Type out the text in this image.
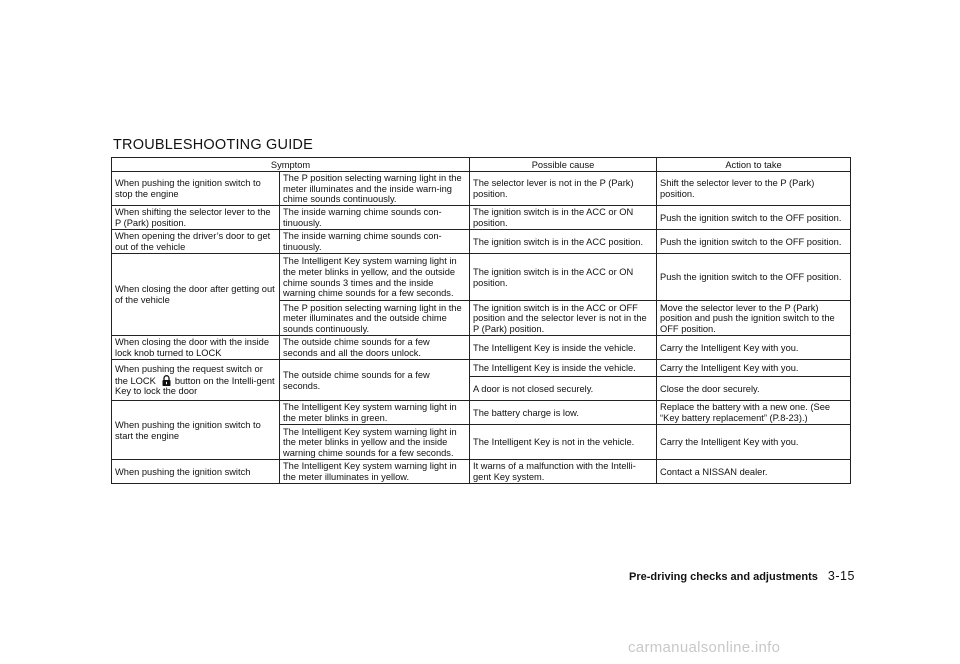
TROUBLESHOOTING GUIDE
Symptom		Possible cause	Action to take
When pushing the ignition switch to stop the engine	The P position selecting warning light in the meter illuminates and the inside warn-ing chime sounds continuously.	The selector lever is not in the P (Park) position.	Shift the selector lever to the P (Park) position.
When shifting the selector lever to the P (Park) position.	The inside warning chime sounds con-tinuously.	The ignition switch is in the ACC or ON position.	Push the ignition switch to the OFF position.
When opening the driver’s door to get out of the vehicle	The inside warning chime sounds con-tinuously.	The ignition switch is in the ACC position.	Push the ignition switch to the OFF position.
When closing the door after getting out of the vehicle	The Intelligent Key system warning light in the meter blinks in yellow, and the outside chime sounds 3 times and the inside warning chime sounds for a few seconds.	The ignition switch is in the ACC or ON position.	Push the ignition switch to the OFF position.
	The P position selecting warning light in the meter illuminates and the outside chime sounds continuously.	The ignition switch is in the ACC or OFF position and the selector lever is not in the P (Park) position.	Move the selector lever to the P (Park) position and push the ignition switch to the OFF position.
When closing the door with the inside lock knob turned to LOCK	The outside chime sounds for a few seconds and all the doors unlock.	The Intelligent Key is inside the vehicle.	Carry the Intelligent Key with you.
When pushing the request switch or the LOCK button on the Intelli-gent Key to lock the door	The outside chime sounds for a few seconds.	The Intelligent Key is inside the vehicle.	Carry the Intelligent Key with you.
		A door is not closed securely.	Close the door securely.
When pushing the ignition switch to start the engine	The Intelligent Key system warning light in the meter blinks in green.	The battery charge is low.	Replace the battery with a new one. (See “Key battery replacement” (P.8-23).)
	The Intelligent Key system warning light in the meter blinks in yellow and the inside warning chime sounds for a few seconds.	The Intelligent Key is not in the vehicle.	Carry the Intelligent Key with you.
When pushing the ignition switch	The Intelligent Key system warning light in the meter illuminates in yellow.	It warns of a malfunction with the Intelli-gent Key system.	Contact a NISSAN dealer.
Pre-driving checks and adjustments 3-15
carmanualsonline.info
